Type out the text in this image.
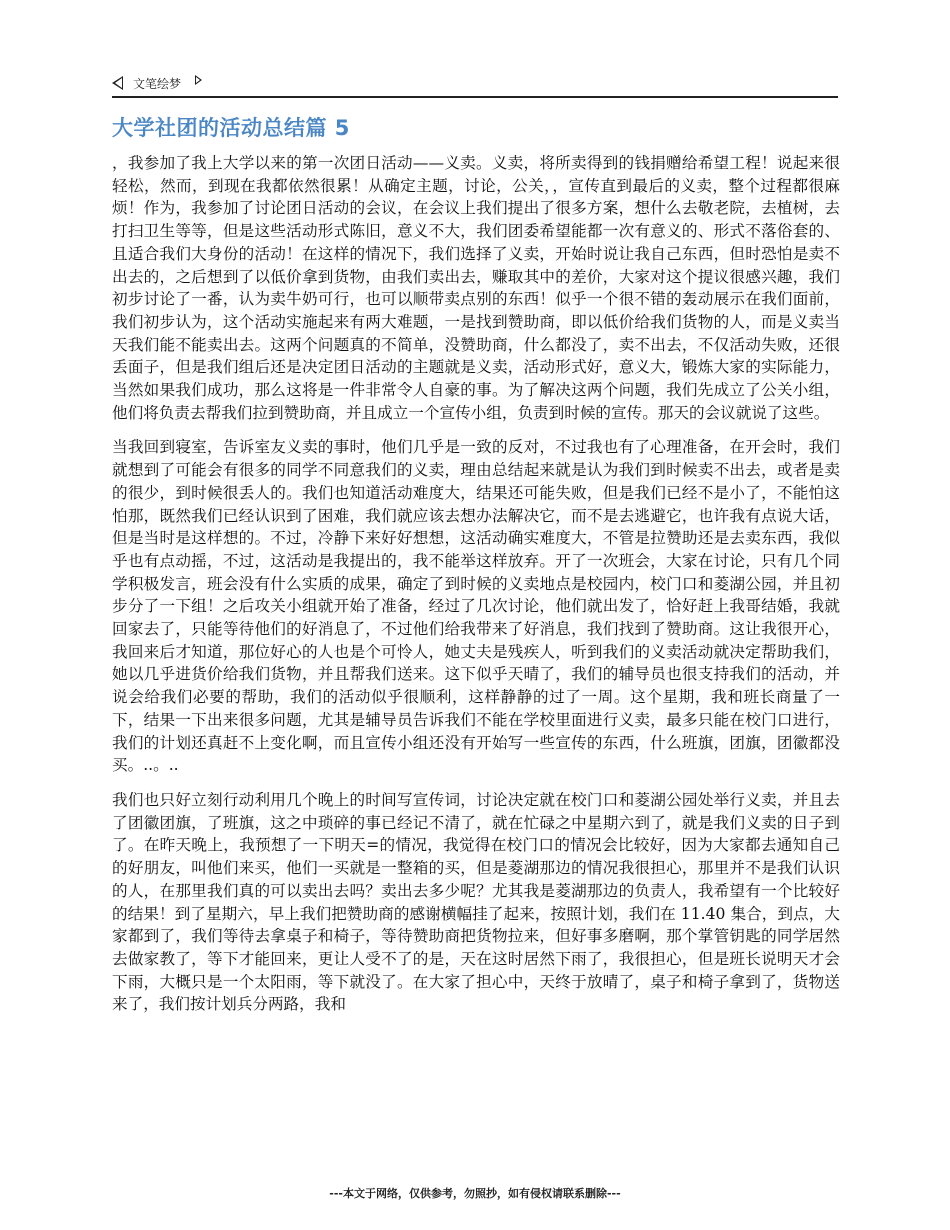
文笔绘梦
大学社团的活动总结篇 5

，我参加了我上大学以来的第一次团日活动——义卖。义卖，将所卖得到的钱捐赠给希望工程！说起来很轻松，然而，到现在我都依然很累！从确定主题，讨论，公关，，宣传直到最后的义卖，整个过程都很麻烦！作为，我参加了讨论团日活动的会议，在会议上我们提出了很多方案，想什么去敬老院，去植树，去打扫卫生等等，但是这些活动形式陈旧，意义不大，我们团委希望能都一次有意义的、形式不落俗套的、且适合我们大身份的活动！在这样的情况下，我们选择了义卖，开始时说让我自己东西，但时恐怕是卖不出去的，之后想到了以低价拿到货物，由我们卖出去，赚取其中的差价，大家对这个提议很感兴趣，我们初步讨论了一番，认为卖牛奶可行，也可以顺带卖点别的东西！似乎一个很不错的轰动展示在我们面前，我们初步认为，这个活动实施起来有两大难题，一是找到赞助商，即以低价给我们货物的人，而是义卖当天我们能不能卖出去。这两个问题真的不简单，没赞助商，什么都没了，卖不出去，不仅活动失败，还很丢面子，但是我们组后还是决定团日活动的主题就是义卖，活动形式好，意义大，锻炼大家的实际能力，当然如果我们成功，那么这将是一件非常令人自豪的事。为了解决这两个问题，我们先成立了公关小组，他们将负责去帮我们拉到赞助商，并且成立一个宣传小组，负责到时候的宣传。那天的会议就说了这些。

当我回到寝室，告诉室友义卖的事时，他们几乎是一致的反对，不过我也有了心理准备，在开会时，我们就想到了可能会有很多的同学不同意我们的义卖，理由总结起来就是认为我们到时候卖不出去，或者是卖的很少，到时候很丢人的。我们也知道活动难度大，结果还可能失败，但是我们已经不是小了，不能怕这怕那，既然我们已经认识到了困难，我们就应该去想办法解决它，而不是去逃避它，也许我有点说大话，但是当时是这样想的。不过，冷静下来好好想想，这活动确实难度大，不管是拉赞助还是去卖东西，我似乎也有点动摇，不过，这活动是我提出的，我不能举这样放弃。开了一次班会，大家在讨论，只有几个同学积极发言，班会没有什么实质的成果，确定了到时候的义卖地点是校园内，校门口和菱湖公园，并且初步分了一下组！之后攻关小组就开始了准备，经过了几次讨论，他们就出发了，恰好赶上我哥结婚，我就回家去了，只能等待他们的好消息了，不过他们给我带来了好消息，我们找到了赞助商。这让我很开心，我回来后才知道，那位好心的人也是个可怜人，她丈夫是残疾人，听到我们的义卖活动就决定帮助我们，她以几乎进货价给我们货物，并且帮我们送来。这下似乎天晴了，我们的辅导员也很支持我们的活动，并说会给我们必要的帮助，我们的活动似乎很顺利，这样静静的过了一周。这个星期，我和班长商量了一下，结果一下出来很多问题，尤其是辅导员告诉我们不能在学校里面进行义卖，最多只能在校门口进行，我们的计划还真赶不上变化啊，而且宣传小组还没有开始写一些宣传的东西，什么班旗，团旗，团徽都没买。..。..

我们也只好立刻行动利用几个晚上的时间写宣传词，讨论决定就在校门口和菱湖公园处举行义卖，并且去了团徽团旗，了班旗，这之中琐碎的事已经记不清了，就在忙碌之中星期六到了，就是我们义卖的日子到了。在昨天晚上，我预想了一下明天=的情况，我觉得在校门口的情况会比较好，因为大家都去通知自己的好朋友，叫他们来买，他们一买就是一整箱的买，但是菱湖那边的情况我很担心，那里并不是我们认识的人，在那里我们真的可以卖出去吗？卖出去多少呢？尤其我是菱湖那边的负责人，我希望有一个比较好的结果！到了星期六，早上我们把赞助商的感谢横幅挂了起来，按照计划，我们在 11.40 集合，到点，大家都到了，我们等待去拿桌子和椅子，等待赞助商把货物拉来，但好事多磨啊，那个掌管钥匙的同学居然去做家教了，等下才能回来，更让人受不了的是，天在这时居然下雨了，我很担心，但是班长说明天才会下雨，大概只是一个太阳雨，等下就没了。在大家了担心中，天终于放晴了，桌子和椅子拿到了，货物送来了，我们按计划兵分两路，我和

---本文于网络，仅供参考，勿照抄，如有侵权请联系删除---
